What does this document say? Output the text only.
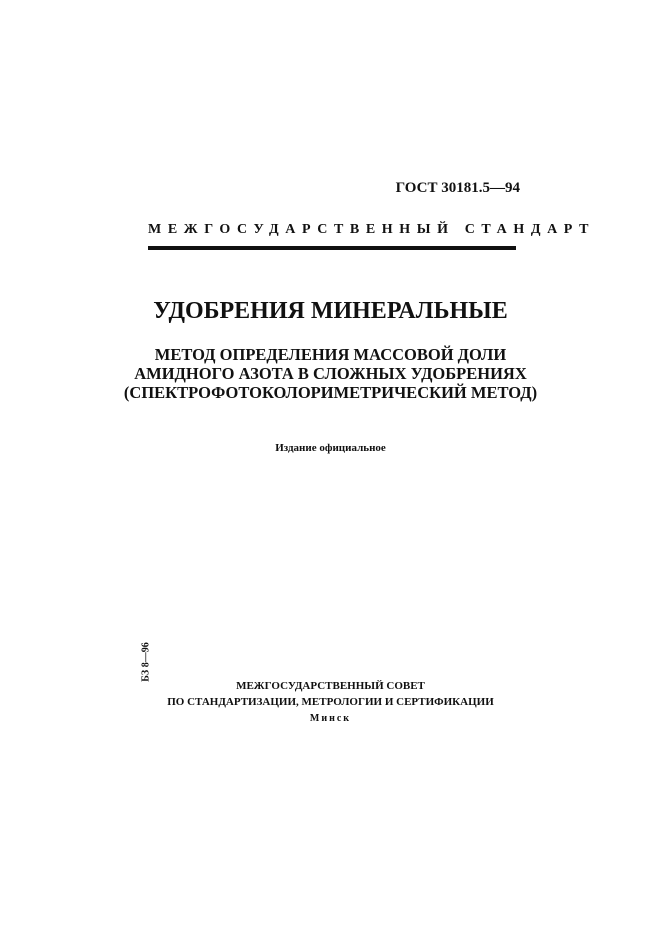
ГОСТ 30181.5—94
МЕЖГОСУДАРСТВЕННЫЙ СТАНДАРТ
УДОБРЕНИЯ МИНЕРАЛЬНЫЕ
МЕТОД ОПРЕДЕЛЕНИЯ МАССОВОЙ ДОЛИ
АМИДНОГО АЗОТА В СЛОЖНЫХ УДОБРЕНИЯХ
(СПЕКТРОФОТОКОЛОРИМЕТРИЧЕСКИЙ МЕТОД)
Издание официальное
БЗ 8—96
МЕЖГОСУДАРСТВЕННЫЙ СОВЕТ
ПО СТАНДАРТИЗАЦИИ, МЕТРОЛОГИИ И СЕРТИФИКАЦИИ
Минск
